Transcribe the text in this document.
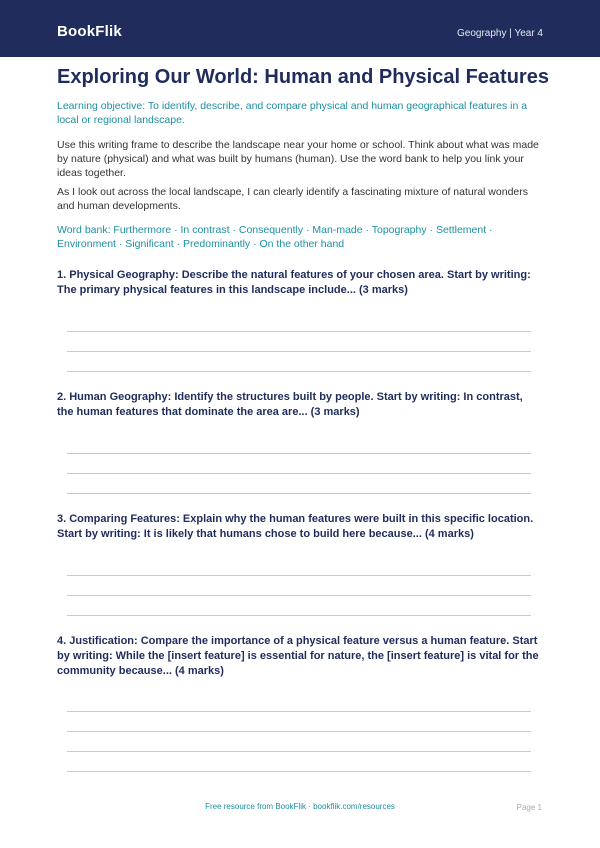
BookFlik	Geography | Year 4
Exploring Our World: Human and Physical Features
Learning objective: To identify, describe, and compare physical and human geographical features in a local or regional landscape.
Use this writing frame to describe the landscape near your home or school. Think about what was made by nature (physical) and what was built by humans (human). Use the word bank to help you link your ideas together.
As I look out across the local landscape, I can clearly identify a fascinating mixture of natural wonders and human developments.
Word bank: Furthermore · In contrast · Consequently · Man-made · Topography · Settlement · Environment · Significant · Predominantly · On the other hand
1. Physical Geography: Describe the natural features of your chosen area. Start by writing: The primary physical features in this landscape include... (3 marks)
2. Human Geography: Identify the structures built by people. Start by writing: In contrast, the human features that dominate the area are... (3 marks)
3. Comparing Features: Explain why the human features were built in this specific location. Start by writing: It is likely that humans chose to build here because... (4 marks)
4. Justification: Compare the importance of a physical feature versus a human feature. Start by writing: While the [insert feature] is essential for nature, the [insert feature] is vital for the community because... (4 marks)
Free resource from BookFlik · bookflik.com/resources	Page 1
